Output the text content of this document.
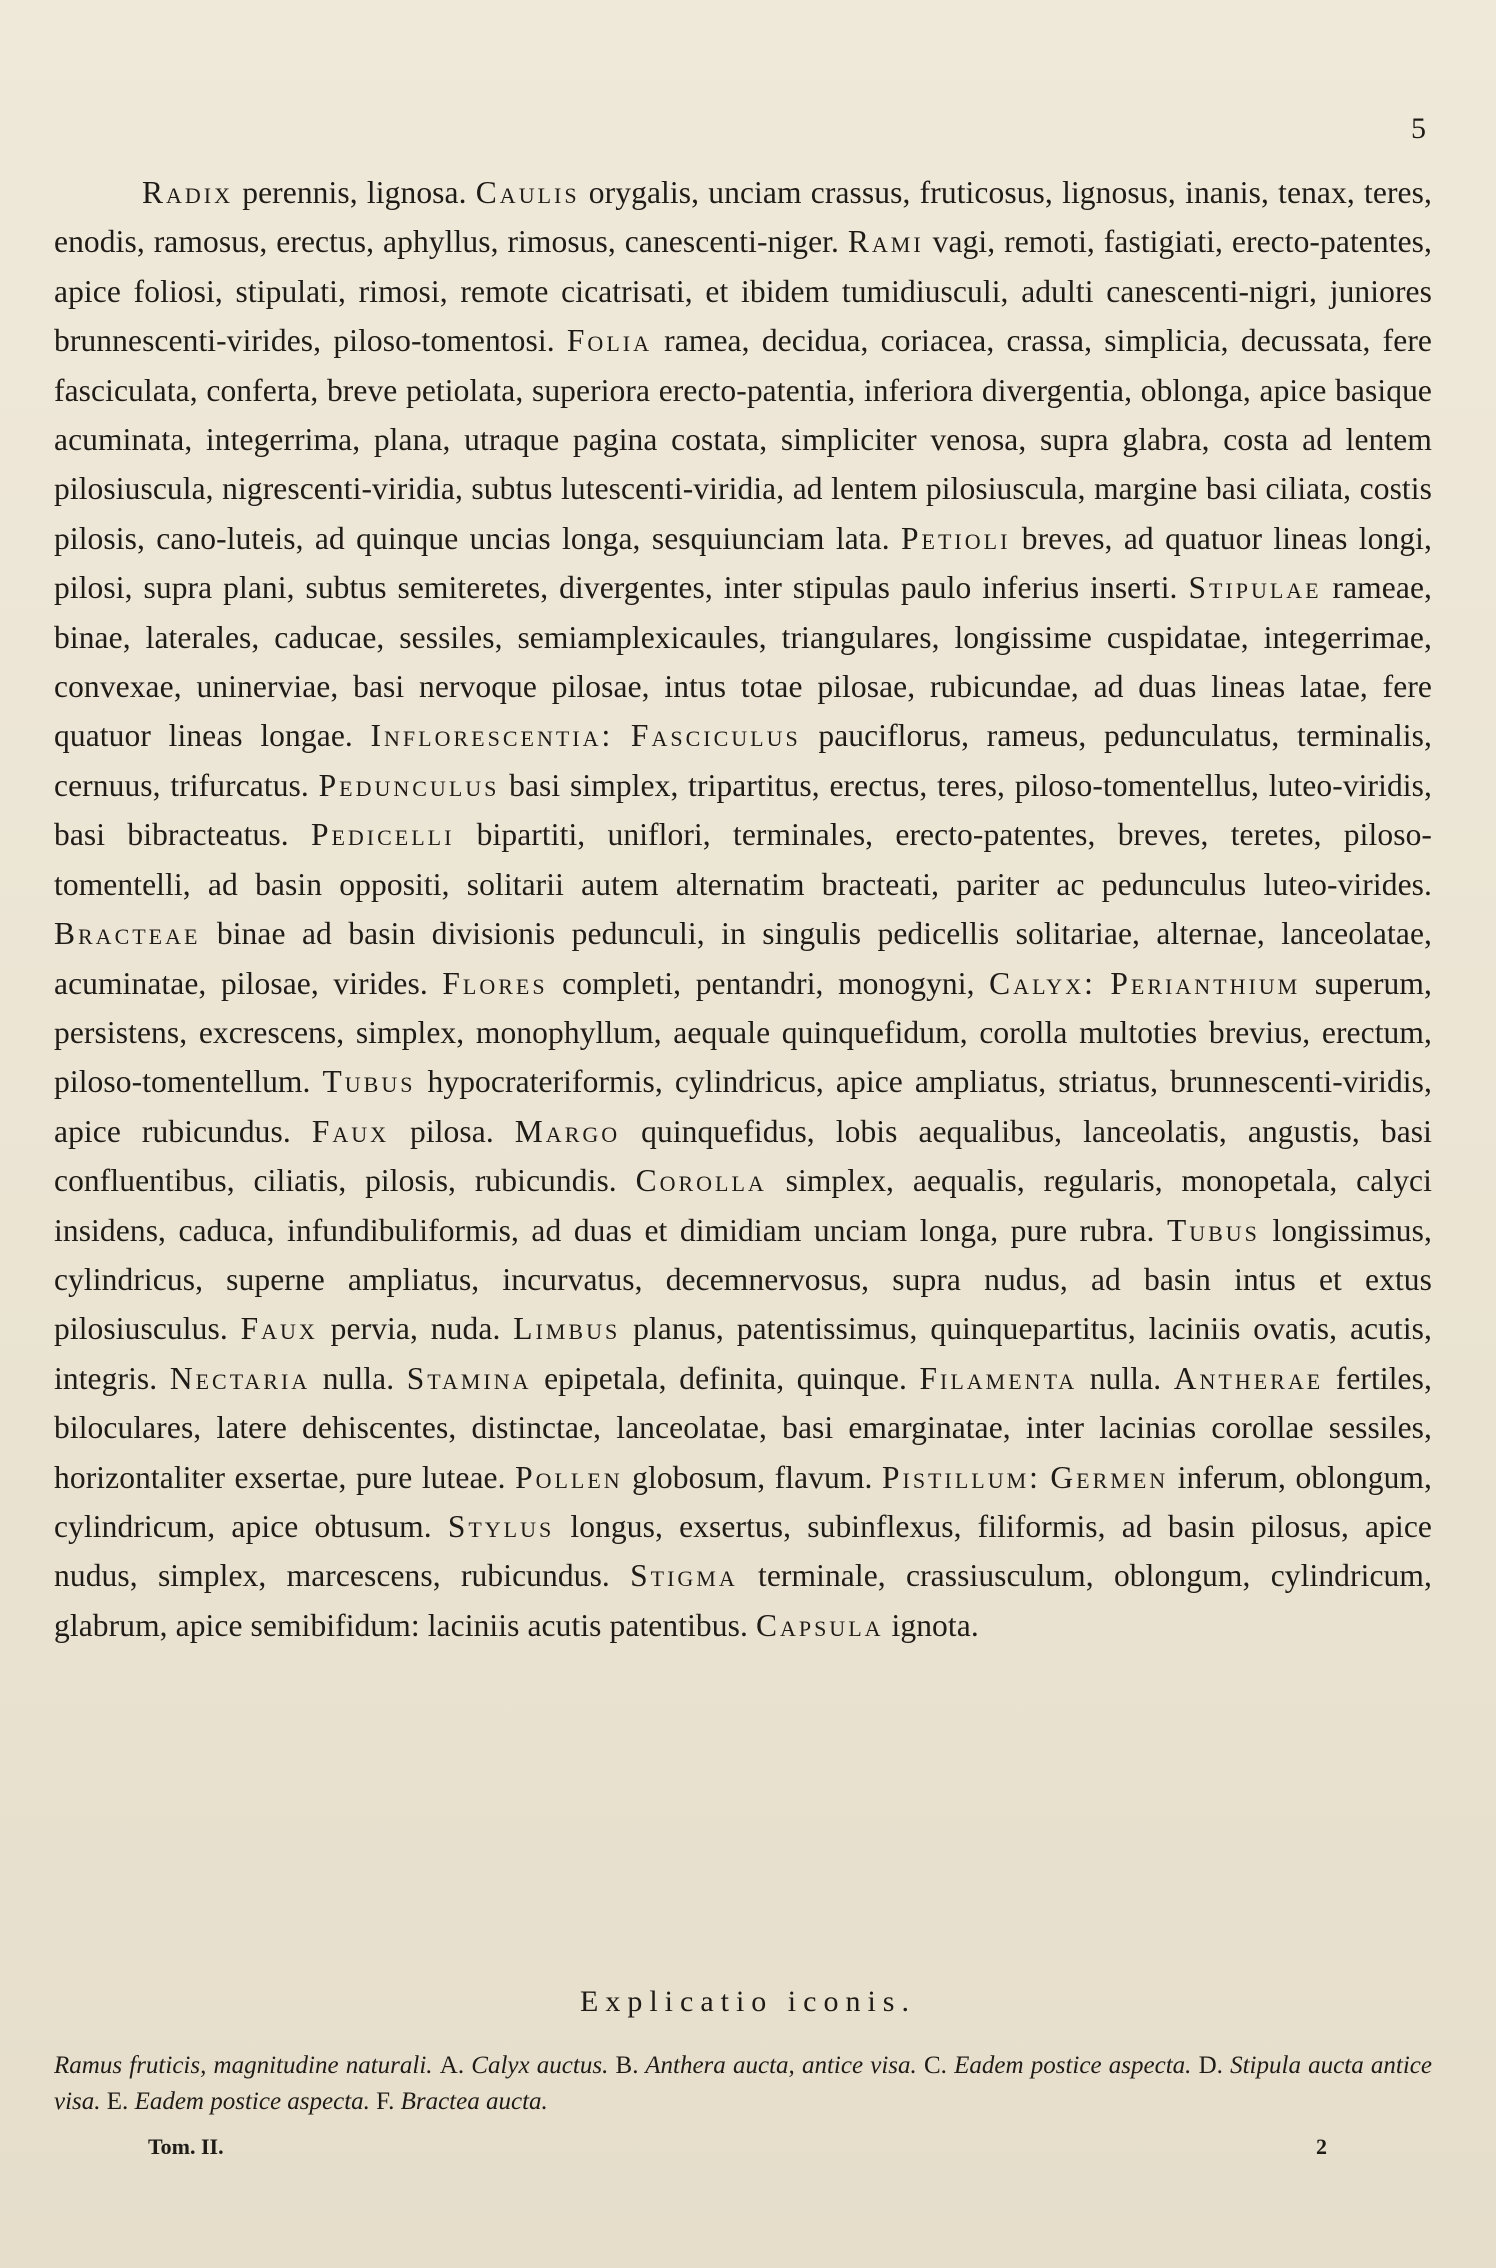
5

Radix perennis, lignosa. Caulis orygalis, unciam crassus, fruticosus, lignosus, inanis, tenax, teres, enodis, ramosus, erectus, aphyllus, rimosus, canescenti-niger. Rami vagi, remoti, fastigiati, erecto-patentes, apice foliosi, stipulati, rimosi, remote cicatrisati, et ibidem tumidiusculi, adulti canescenti-nigri, juniores brunnescenti-virides, piloso-tomentosi. Folia ramea, decidua, coriacea, crassa, simplicia, decussata, fere fasciculata, conferta, breve petiolata, superiora erecto-patentia, inferiora divergentia, oblonga, apice basique acuminata, integerrima, plana, utraque pagina costata, simpliciter venosa, supra glabra, costa ad lentem pilosiuscula, nigrescenti-viridia, subtus lutescenti-viridia, ad lentem pilosiuscula, margine basi ciliata, costis pilosis, cano-luteis, ad quinque uncias longa, sesquiunciam lata. Petioli breves, ad quatuor lineas longi, pilosi, supra plani, subtus semiteretes, divergentes, inter stipulas paulo inferius inserti. Stipulae rameae, binae, laterales, caducae, sessiles, semiamplexicaules, triangulares, longissime cuspidatae, integerrimae, convexae, uninerviae, basi nervoque pilosae, intus totae pilosae, rubicundae, ad duas lineas latae, fere quatuor lineas longae. Inflorescentia: Fasciculus pauciflorus, rameus, pedunculatus, terminalis, cernuus, trifurcatus. Pedunculus basi simplex, tripartitus, erectus, teres, piloso-tomentellus, luteo-viridis, basi bibracteatus. Pedicelli bipartiti, uniflori, terminales, erecto-patentes, breves, teretes, piloso-tomentelli, ad basin oppositi, solitarii autem alternatim bracteati, pariter ac pedunculus luteo-virides. Bracteae binae ad basin divisionis pedunculi, in singulis pedicellis solitariae, alternae, lanceolatae, acuminatae, pilosae, virides. Flores completi, pentandri, monogyni, Calyx: Perianthium superum, persistens, excrescens, simplex, monophyllum, aequale quinquefidum, corolla multoties brevius, erectum, piloso-tomentellum. Tubus hypocrateriformis, cylindricus, apice ampliatus, striatus, brunnescenti-viridis, apice rubicundus. Faux pilosa. Margo quinquefidus, lobis aequalibus, lanceolatis, angustis, basi confluentibus, ciliatis, pilosis, rubicundis. Corolla simplex, aequalis, regularis, monopetala, calyci insidens, caduca, infundibuliformis, ad duas et dimidiam unciam longa, pure rubra. Tubus longissimus, cylindricus, superne ampliatus, incurvatus, decemnervosus, supra nudus, ad basin intus et extus pilosiusculus. Faux pervia, nuda. Limbus planus, patentissimus, quinquepartitus, laciniis ovatis, acutis, integris. Nectaria nulla. Stamina epipetala, definita, quinque. Filamenta nulla. Antherae fertiles, biloculares, latere dehiscentes, distinctae, lanceolatae, basi emarginatae, inter lacinias corollae sessiles, horizontaliter exsertae, pure luteae. Pollen globosum, flavum. Pistillum: Germen inferum, oblongum, cylindricum, apice obtusum. Stylus longus, exsertus, subinflexus, filiformis, ad basin pilosus, apice nudus, simplex, marcescens, rubicundus. Stigma terminale, crassiusculum, oblongum, cylindricum, glabrum, apice semibifidum: laciniis acutis patentibus. Capsula ignota.

Explicatio iconis.

Ramus fruticis, magnitudine naturali. A. Calyx auctus. B. Anthera aucta, antice visa. C. Eadem postice aspecta. D. Stipula aucta antice visa. E. Eadem postice aspecta. F. Bractea aucta.

Tom. II.	2
